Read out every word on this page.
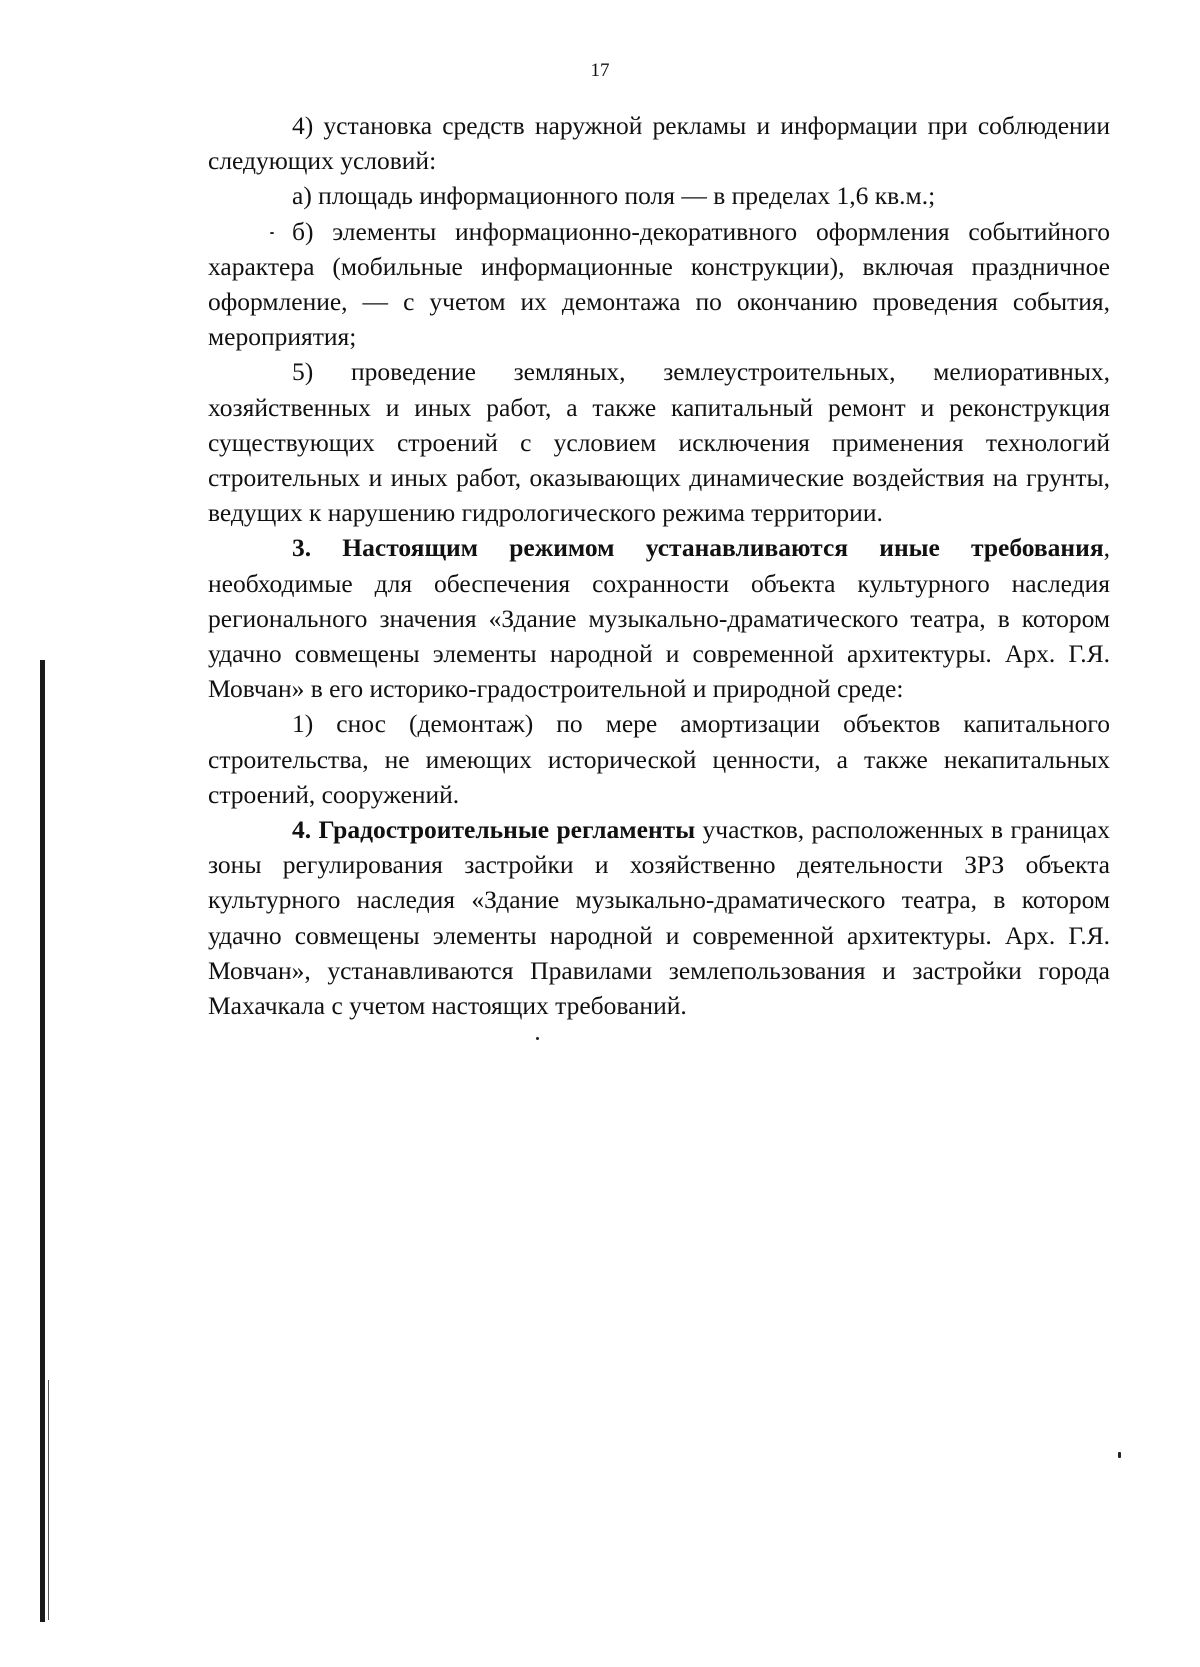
17

4) установка средств наружной рекламы и информации при соблюдении следующих условий:

а) площадь информационного поля — в пределах 1,6 кв.м.;

б) элементы информационно-декоративного оформления событийного характера (мобильные информационные конструкции), включая праздничное оформление, — с учетом их демонтажа по окончанию проведения события, мероприятия;

5) проведение земляных, землеустроительных, мелиоративных, хозяйственных и иных работ, а также капитальный ремонт и реконструкция существующих строений с условием исключения применения технологий строительных и иных работ, оказывающих динамические воздействия на грунты, ведущих к нарушению гидрологического режима территории.

3. Настоящим режимом устанавливаются иные требования, необходимые для обеспечения сохранности объекта культурного наследия регионального значения «Здание музыкально-драматического театра, в котором удачно совмещены элементы народной и современной архитектуры. Арх. Г.Я. Мовчан» в его историко-градостроительной и природной среде:

1) снос (демонтаж) по мере амортизации объектов капитального строительства, не имеющих исторической ценности, а также некапитальных строений, сооружений.

4. Градостроительные регламенты участков, расположенных в границах зоны регулирования застройки и хозяйственно деятельности ЗРЗ объекта культурного наследия «Здание музыкально-драматического театра, в котором удачно совмещены элементы народной и современной архитектуры. Арх. Г.Я. Мовчан», устанавливаются Правилами землепользования и застройки города Махачкала с учетом настоящих требований.
